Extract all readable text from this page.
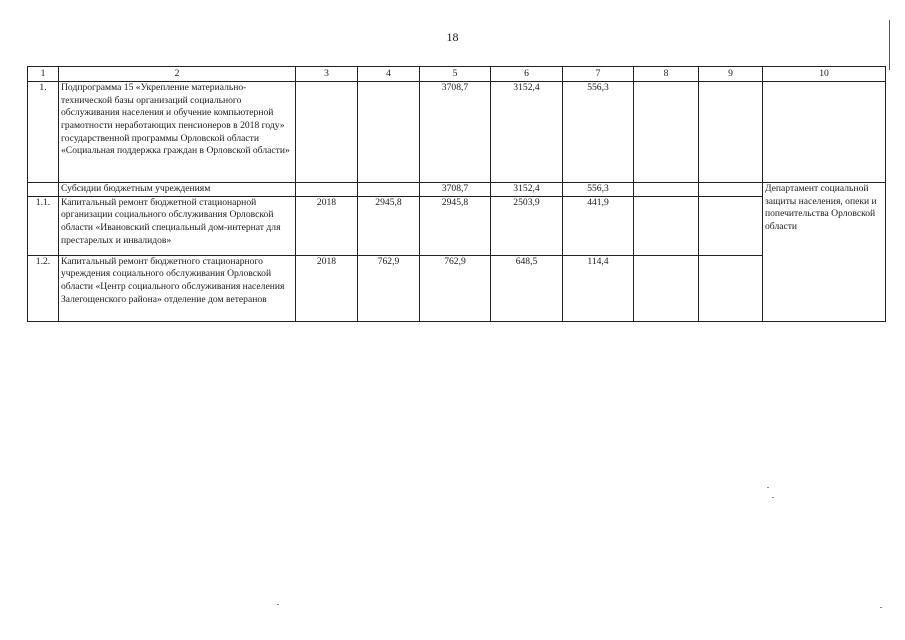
18
1	2	3	4	5	6	7	8	9	10
1.	Подпрограмма 15 «Укрепление материально-технической базы организаций социального обслуживания населения и обучение компьютерной грамотности неработающих пенсионеров в 2018 году» государственной программы Орловской области «Социальная поддержка граждан в Орловской области»			3708,7	3152,4	556,3			
	Субсидии бюджетным учреждениям			3708,7	3152,4	556,3			Департамент социальной защиты населения, опеки и попечительства Орловской области
1.1.	Капитальный ремонт бюджетной стационарной организации социального обслуживания Орловской области «Ивановский специальный дом-интернат для престарелых и инвалидов»	2018	2945,8	2945,8	2503,9	441,9			
1.2.	Капитальный ремонт бюджетного стационарного учреждения социального обслуживания Орловской области «Центр социального обслуживания населения Залегощенского района» отделение дом ветеранов	2018	762,9	762,9	648,5	114,4			
